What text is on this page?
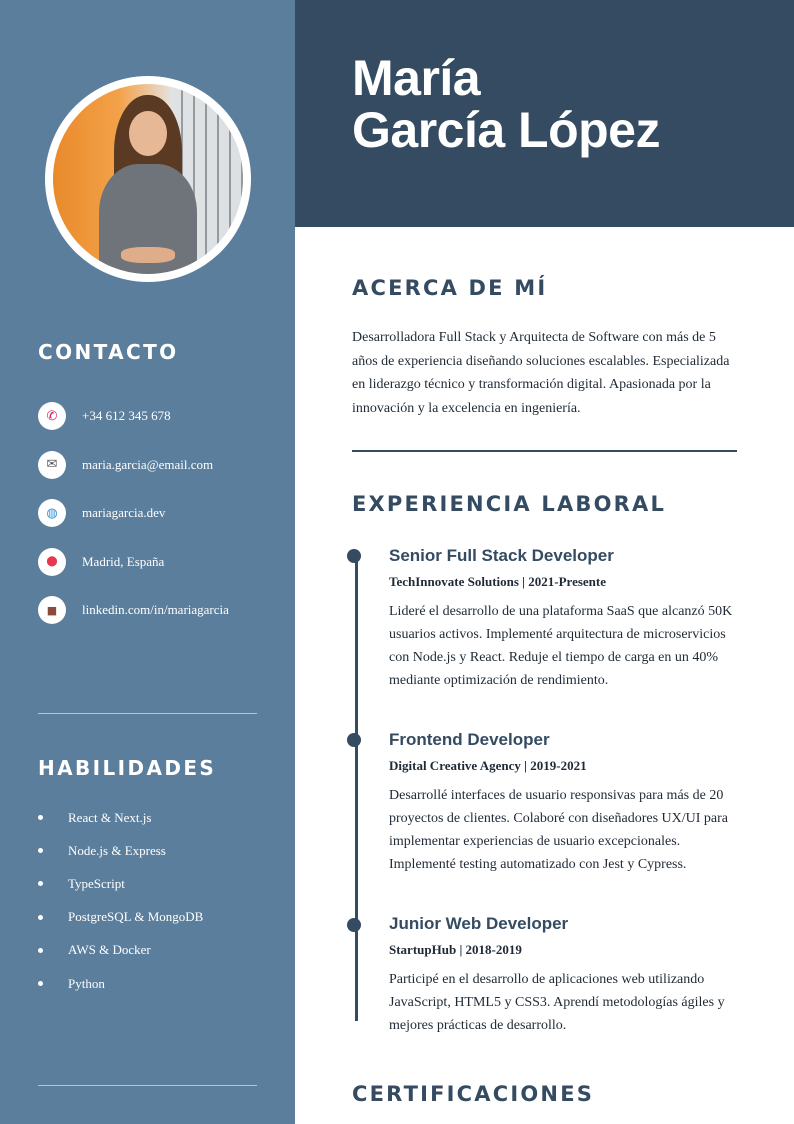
CONTACTO
✆	+34 612 345 678
✉	maria.garcia@email.com
◍	mariagarcia.dev
⬤	Madrid, España
■	linkedin.com/in/mariagarcia
HABILIDADES
React & Next.js
Node.js & Express
TypeScript
PostgreSQL & MongoDB
AWS & Docker
Python
María
García López
ACERCA DE MÍ

Desarrolladora Full Stack y Arquitecta de Software con más de 5 años de experiencia diseñando soluciones escalables. Especializada en liderazgo técnico y transformación digital. Apasionada por la innovación y la excelencia en ingeniería.

EXPERIENCIA LABORAL
Senior Full Stack Developer
TechInnovate Solutions | 2021-Presente

Lideré el desarrollo de una plataforma SaaS que alcanzó 50K usuarios activos. Implementé arquitectura de microservicios con Node.js y React. Reduje el tiempo de carga en un 40% mediante optimización de rendimiento.

Frontend Developer
Digital Creative Agency | 2019-2021

Desarrollé interfaces de usuario responsivas para más de 20 proyectos de clientes. Colaboré con diseñadores UX/UI para implementar experiencias de usuario excepcionales. Implementé testing automatizado con Jest y Cypress.

Junior Web Developer
StartupHub | 2018-2019

Participé en el desarrollo de aplicaciones web utilizando JavaScript, HTML5 y CSS3. Aprendí metodologías ágiles y mejores prácticas de desarrollo.

CERTIFICACIONES
